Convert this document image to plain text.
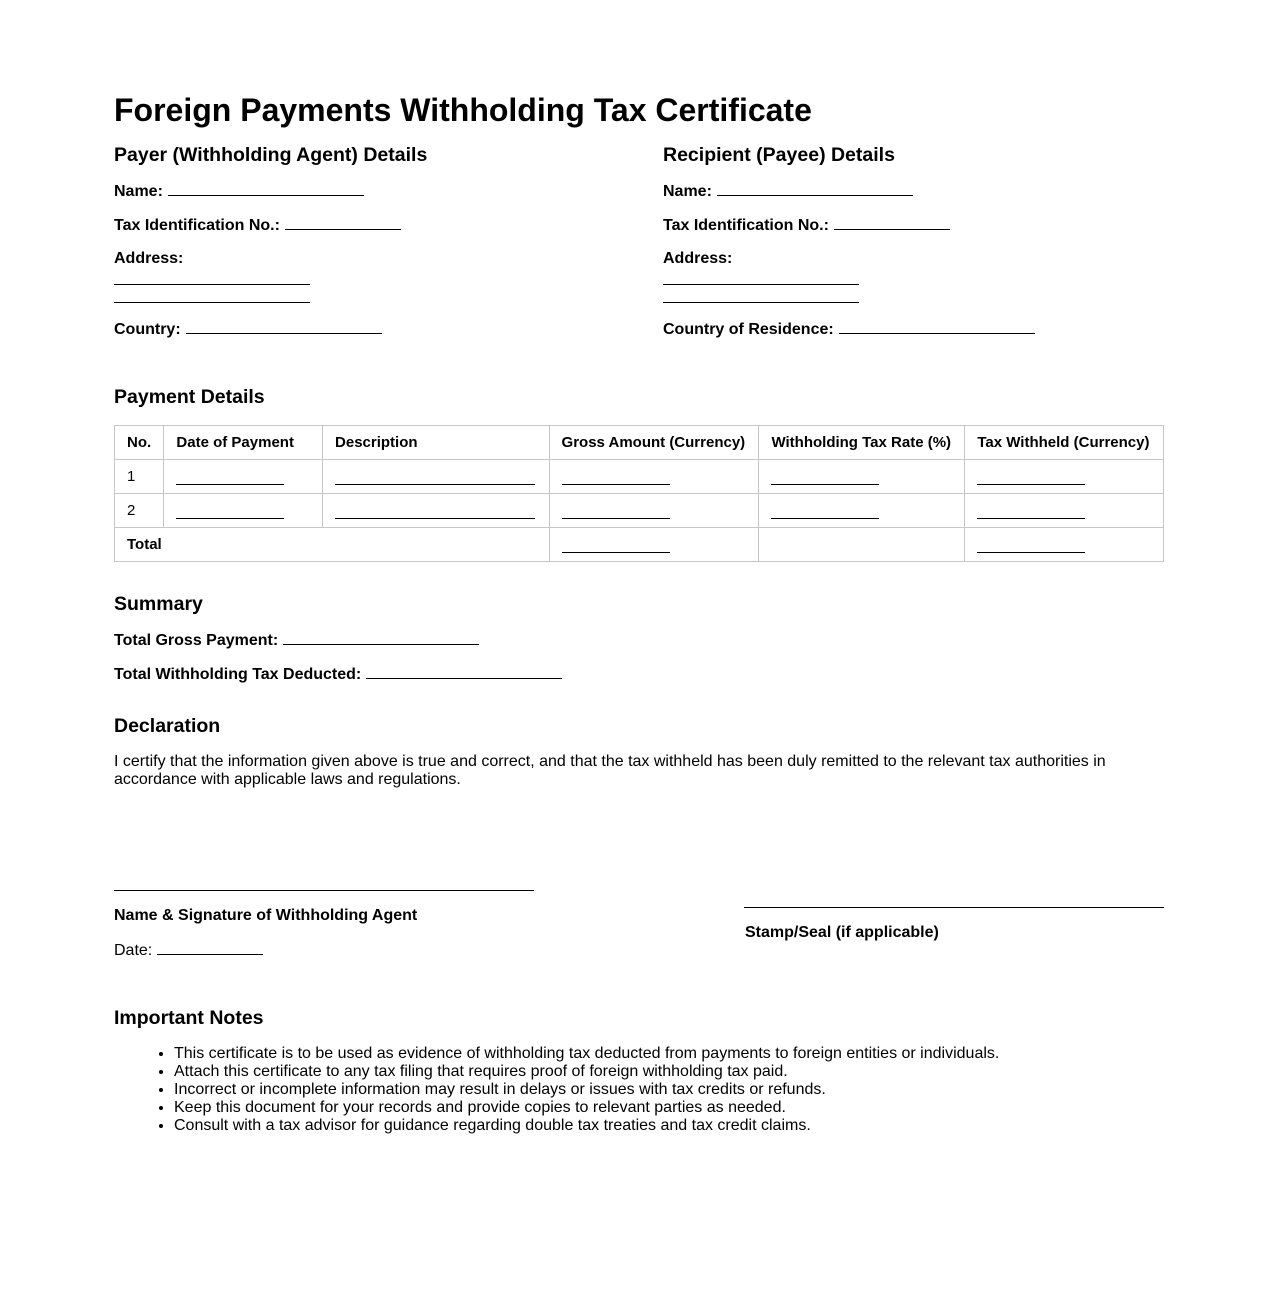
Foreign Payments Withholding Tax Certificate
Payer (Withholding Agent) Details
Name:
Tax Identification No.:
Address:
Country:
Recipient (Payee) Details
Name:
Tax Identification No.:
Address:
Country of Residence:
Payment Details
No.	Date of Payment	Description	Gross Amount (Currency)	Withholding Tax Rate (%)	Tax Withheld (Currency)
1					
2					
Total					
Summary
Total Gross Payment:
Total Withholding Tax Deducted:
Declaration

I certify that the information given above is true and correct, and that the tax withheld has been duly remitted to the relevant tax authorities in accordance with applicable laws and regulations.

Name & Signature of Withholding Agent
Date:
Stamp/Seal (if applicable)
Important Notes
• This certificate is to be used as evidence of withholding tax deducted from payments to foreign entities or individuals.
• Attach this certificate to any tax filing that requires proof of foreign withholding tax paid.
• Incorrect or incomplete information may result in delays or issues with tax credits or refunds.
• Keep this document for your records and provide copies to relevant parties as needed.
• Consult with a tax advisor for guidance regarding double tax treaties and tax credit claims.
